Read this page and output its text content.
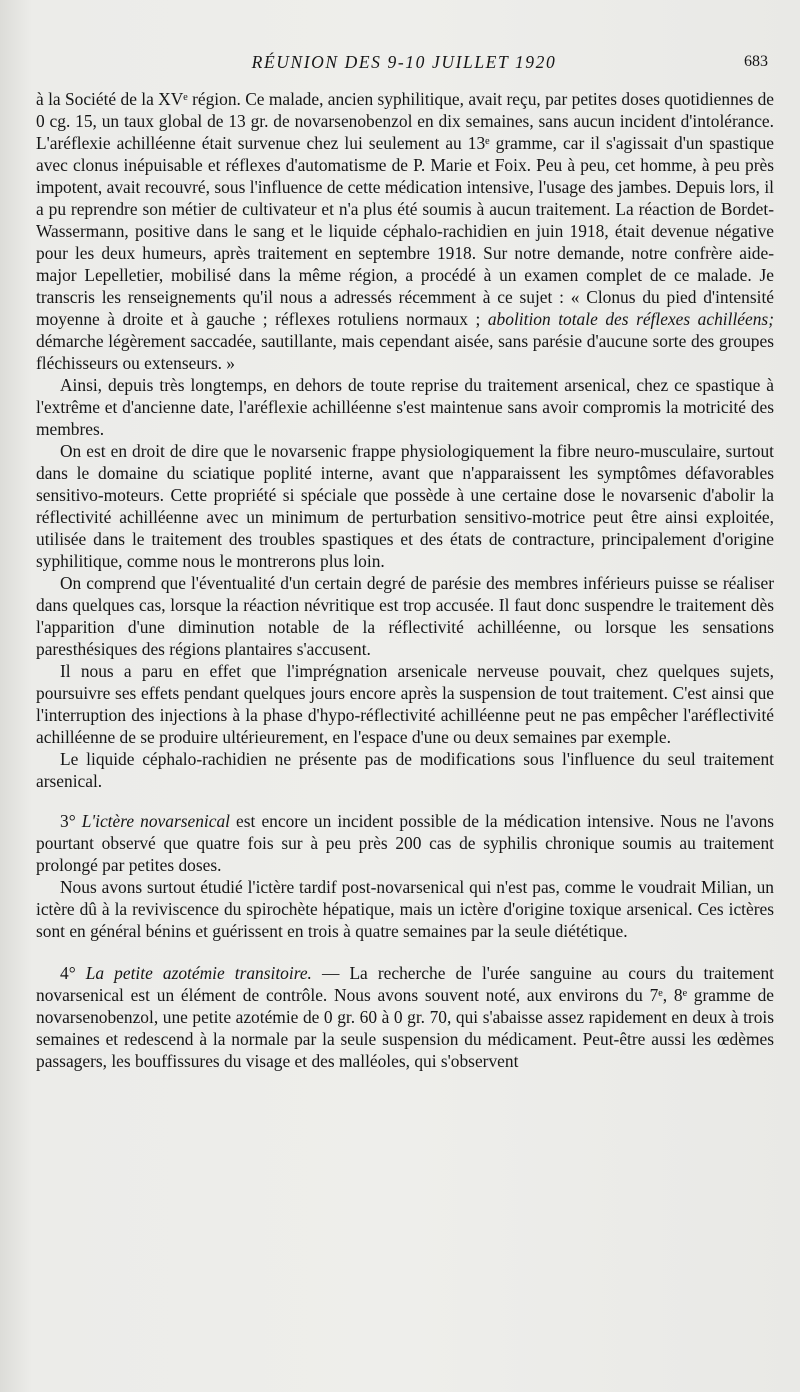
RÉUNION DES 9-10 JUILLET 1920	683

à la Société de la XVᵉ région. Ce malade, ancien syphilitique, avait reçu, par petites doses quotidiennes de 0 cg. 15, un taux global de 13 gr. de novarsenobenzol en dix semaines, sans aucun incident d'intolérance. L'aréflexie achilléenne était survenue chez lui seulement au 13ᵉ gramme, car il s'agissait d'un spastique avec clonus inépuisable et réflexes d'automatisme de P. Marie et Foix. Peu à peu, cet homme, à peu près impotent, avait recouvré, sous l'influence de cette médication intensive, l'usage des jambes. Depuis lors, il a pu reprendre son métier de cultivateur et n'a plus été soumis à aucun traitement. La réaction de Bordet-Wassermann, positive dans le sang et le liquide céphalo-rachidien en juin 1918, était devenue négative pour les deux humeurs, après traitement en septembre 1918. Sur notre demande, notre confrère aide-major Lepelletier, mobilisé dans la même région, a procédé à un examen complet de ce malade. Je transcris les renseignements qu'il nous a adressés récemment à ce sujet : « Clonus du pied d'intensité moyenne à droite et à gauche ; réflexes rotuliens normaux ; abolition totale des réflexes achilléens; démarche légèrement saccadée, sautillante, mais cependant aisée, sans parésie d'aucune sorte des groupes fléchisseurs ou extenseurs. »

Ainsi, depuis très longtemps, en dehors de toute reprise du traitement arsenical, chez ce spastique à l'extrême et d'ancienne date, l'aréflexie achilléenne s'est maintenue sans avoir compromis la motricité des membres.

On est en droit de dire que le novarsenic frappe physiologiquement la fibre neuro-musculaire, surtout dans le domaine du sciatique poplité interne, avant que n'apparaissent les symptômes défavorables sensitivo-moteurs. Cette propriété si spéciale que possède à une certaine dose le novarsenic d'abolir la réflectivité achilléenne avec un minimum de perturbation sensitivo-motrice peut être ainsi exploitée, utilisée dans le traitement des troubles spastiques et des états de contracture, principalement d'origine syphilitique, comme nous le montrerons plus loin.

On comprend que l'éventualité d'un certain degré de parésie des membres inférieurs puisse se réaliser dans quelques cas, lorsque la réaction névritique est trop accusée. Il faut donc suspendre le traitement dès l'apparition d'une diminution notable de la réflectivité achilléenne, ou lorsque les sensations paresthésiques des régions plantaires s'accusent.

Il nous a paru en effet que l'imprégnation arsenicale nerveuse pouvait, chez quelques sujets, poursuivre ses effets pendant quelques jours encore après la suspension de tout traitement. C'est ainsi que l'interruption des injections à la phase d'hypo-réflectivité achilléenne peut ne pas empêcher l'aréflectivité achilléenne de se produire ultérieurement, en l'espace d'une ou deux semaines par exemple.

Le liquide céphalo-rachidien ne présente pas de modifications sous l'influence du seul traitement arsenical.

3° L'ictère novarsenical est encore un incident possible de la médication intensive. Nous ne l'avons pourtant observé que quatre fois sur à peu près 200 cas de syphilis chronique soumis au traitement prolongé par petites doses.

Nous avons surtout étudié l'ictère tardif post-novarsenical qui n'est pas, comme le voudrait Milian, un ictère dû à la reviviscence du spirochète hépatique, mais un ictère d'origine toxique arsenical. Ces ictères sont en général bénins et guérissent en trois à quatre semaines par la seule diététique.

4° La petite azotémie transitoire. — La recherche de l'urée sanguine au cours du traitement novarsenical est un élément de contrôle. Nous avons souvent noté, aux environs du 7ᵉ, 8ᵉ gramme de novarsenobenzol, une petite azotémie de 0 gr. 60 à 0 gr. 70, qui s'abaisse assez rapidement en deux à trois semaines et redescend à la normale par la seule suspension du médicament. Peut-être aussi les œdèmes passagers, les bouffissures du visage et des malléoles, qui s'observent
